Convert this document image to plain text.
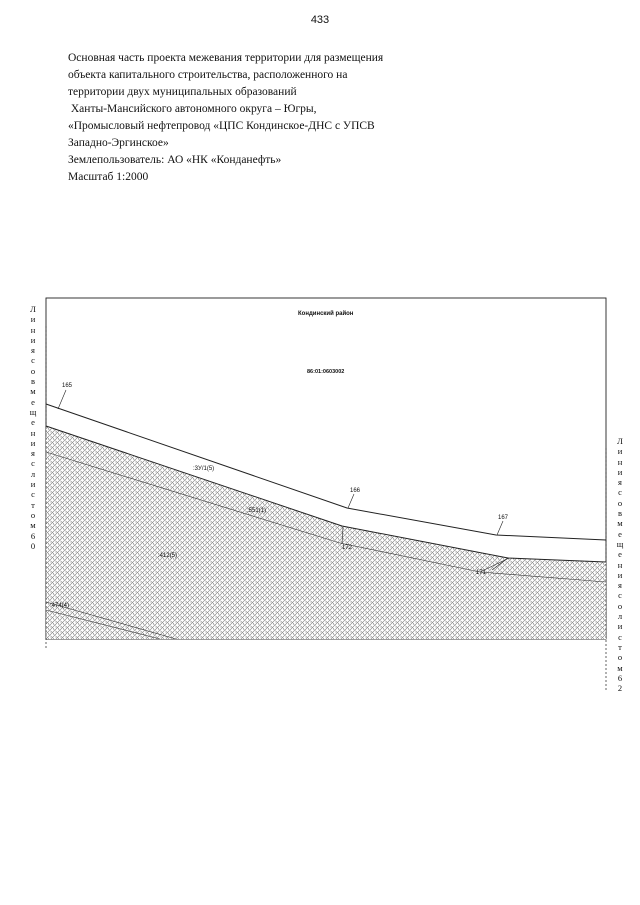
433
Основная часть проекта межевания территории для размещения
объекта капитального строительства, расположенного на
территории двух муниципальных образований
Ханты-Мансийского автономного округа – Югры,
«Промысловый нефтепровод «ЦПС Кондинское-ДНС с УПСВ
Западно-Эргинское»
Землепользователь: АО «НК «Конданефть»
Масштаб 1:2000
Кондинский район
86:01:0603002
165
166
167
172
171
:3У/1(5)
:551(1)
:412(5)
:474(4)
Л
и
н
и
я
с
о
в
м
е
щ
е
н
и
я
с
л
и
с
т
о
м
6
0
Л
и
н
и
я
с
о
в
м
е
щ
е
н
и
я
с
о
л
и
с
т
о
м
6
2
